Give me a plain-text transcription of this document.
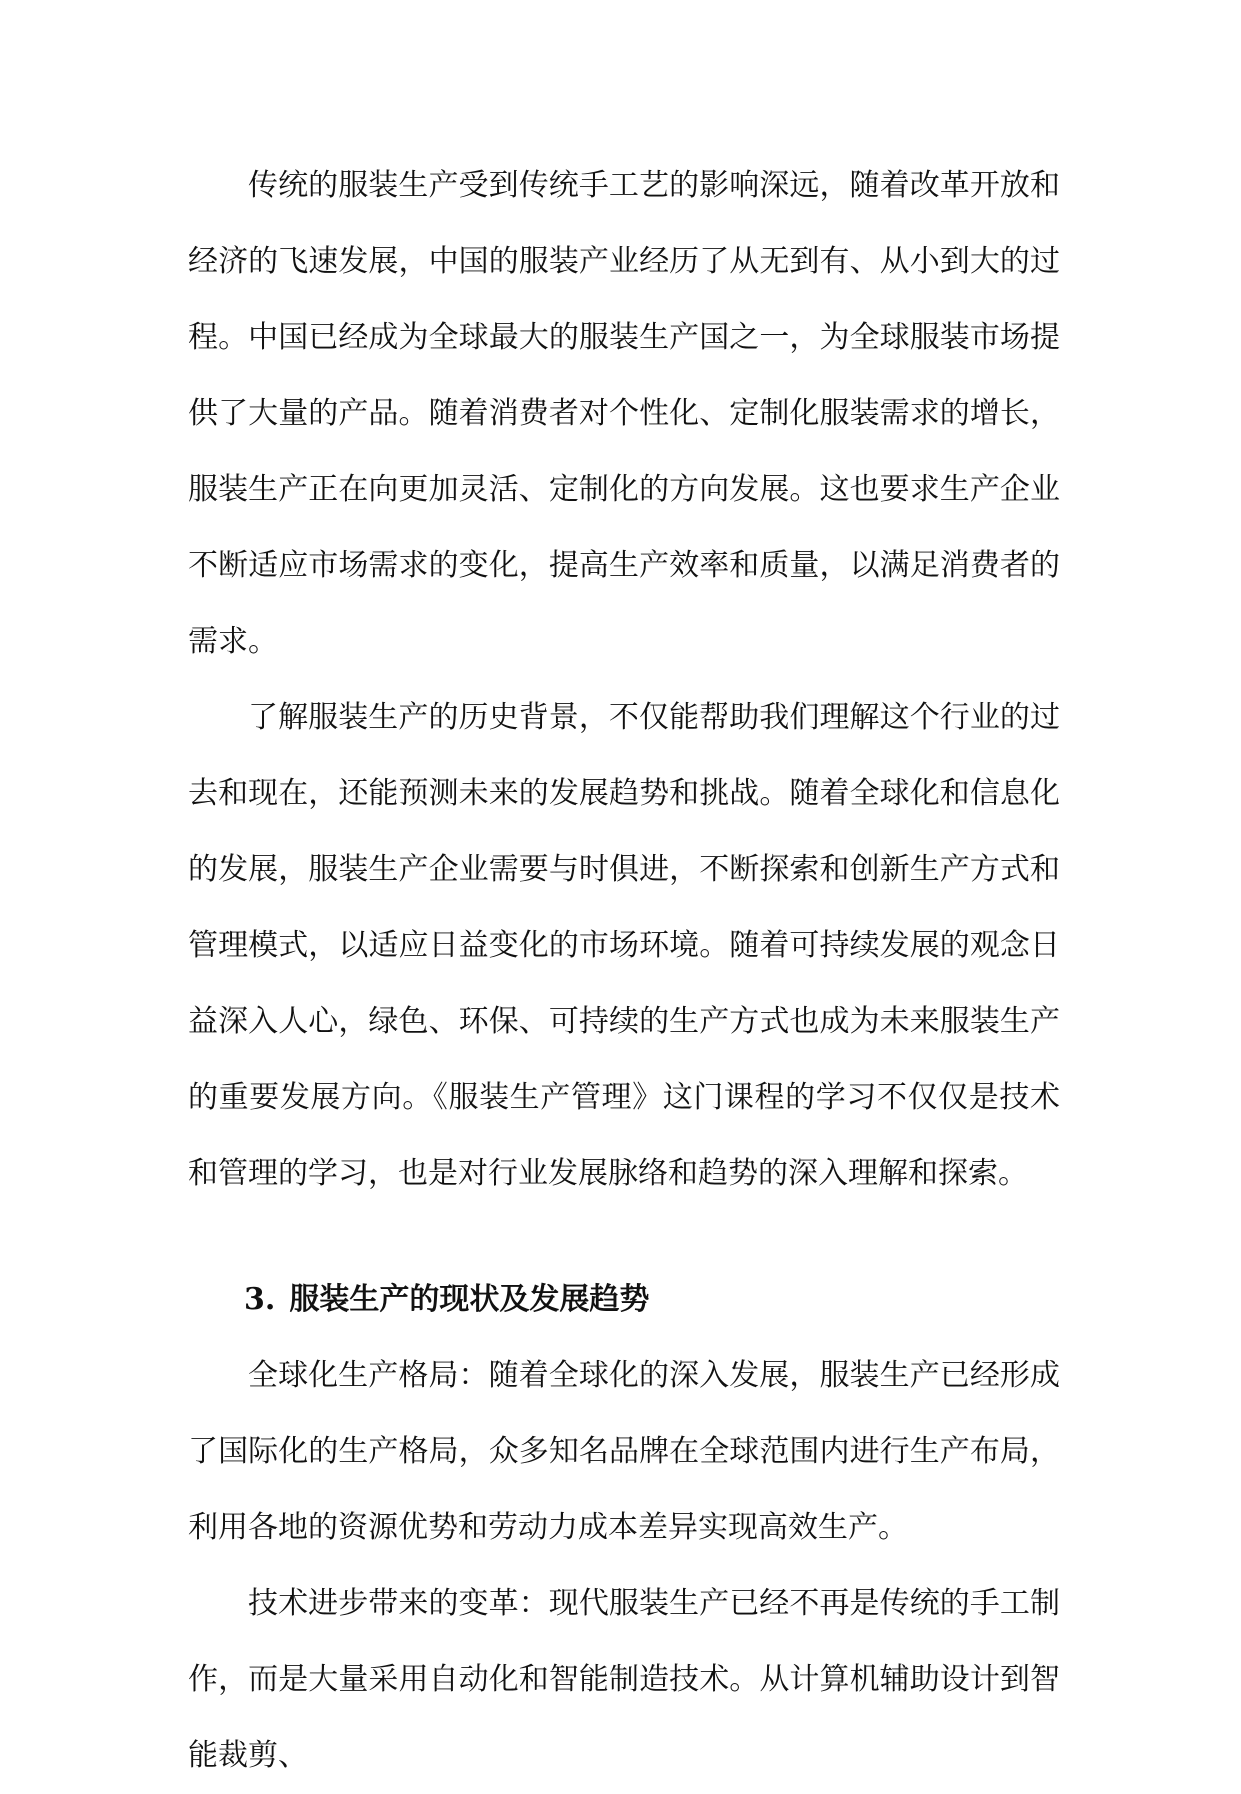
传统的服装生产受到传统手工艺的影响深远，随着改革开放和经济的飞速发展，中国的服装产业经历了从无到有、从小到大的过程。中国已经成为全球最大的服装生产国之一，为全球服装市场提供了大量的产品。随着消费者对个性化、定制化服装需求的增长，服装生产正在向更加灵活、定制化的方向发展。这也要求生产企业不断适应市场需求的变化，提高生产效率和质量，以满足消费者的需求。

了解服装生产的历史背景，不仅能帮助我们理解这个行业的过去和现在，还能预测未来的发展趋势和挑战。随着全球化和信息化的发展，服装生产企业需要与时俱进，不断探索和创新生产方式和管理模式，以适应日益变化的市场环境。随着可持续发展的观念日益深入人心，绿色、环保、可持续的生产方式也成为未来服装生产的重要发展方向。《服装生产管理》这门课程的学习不仅仅是技术和管理的学习，也是对行业发展脉络和趋势的深入理解和探索。

3. 服装生产的现状及发展趋势

全球化生产格局：随着全球化的深入发展，服装生产已经形成了国际化的生产格局，众多知名品牌在全球范围内进行生产布局，利用各地的资源优势和劳动力成本差异实现高效生产。

技术进步带来的变革：现代服装生产已经不再是传统的手工制作，而是大量采用自动化和智能制造技术。从计算机辅助设计到智能裁剪、
